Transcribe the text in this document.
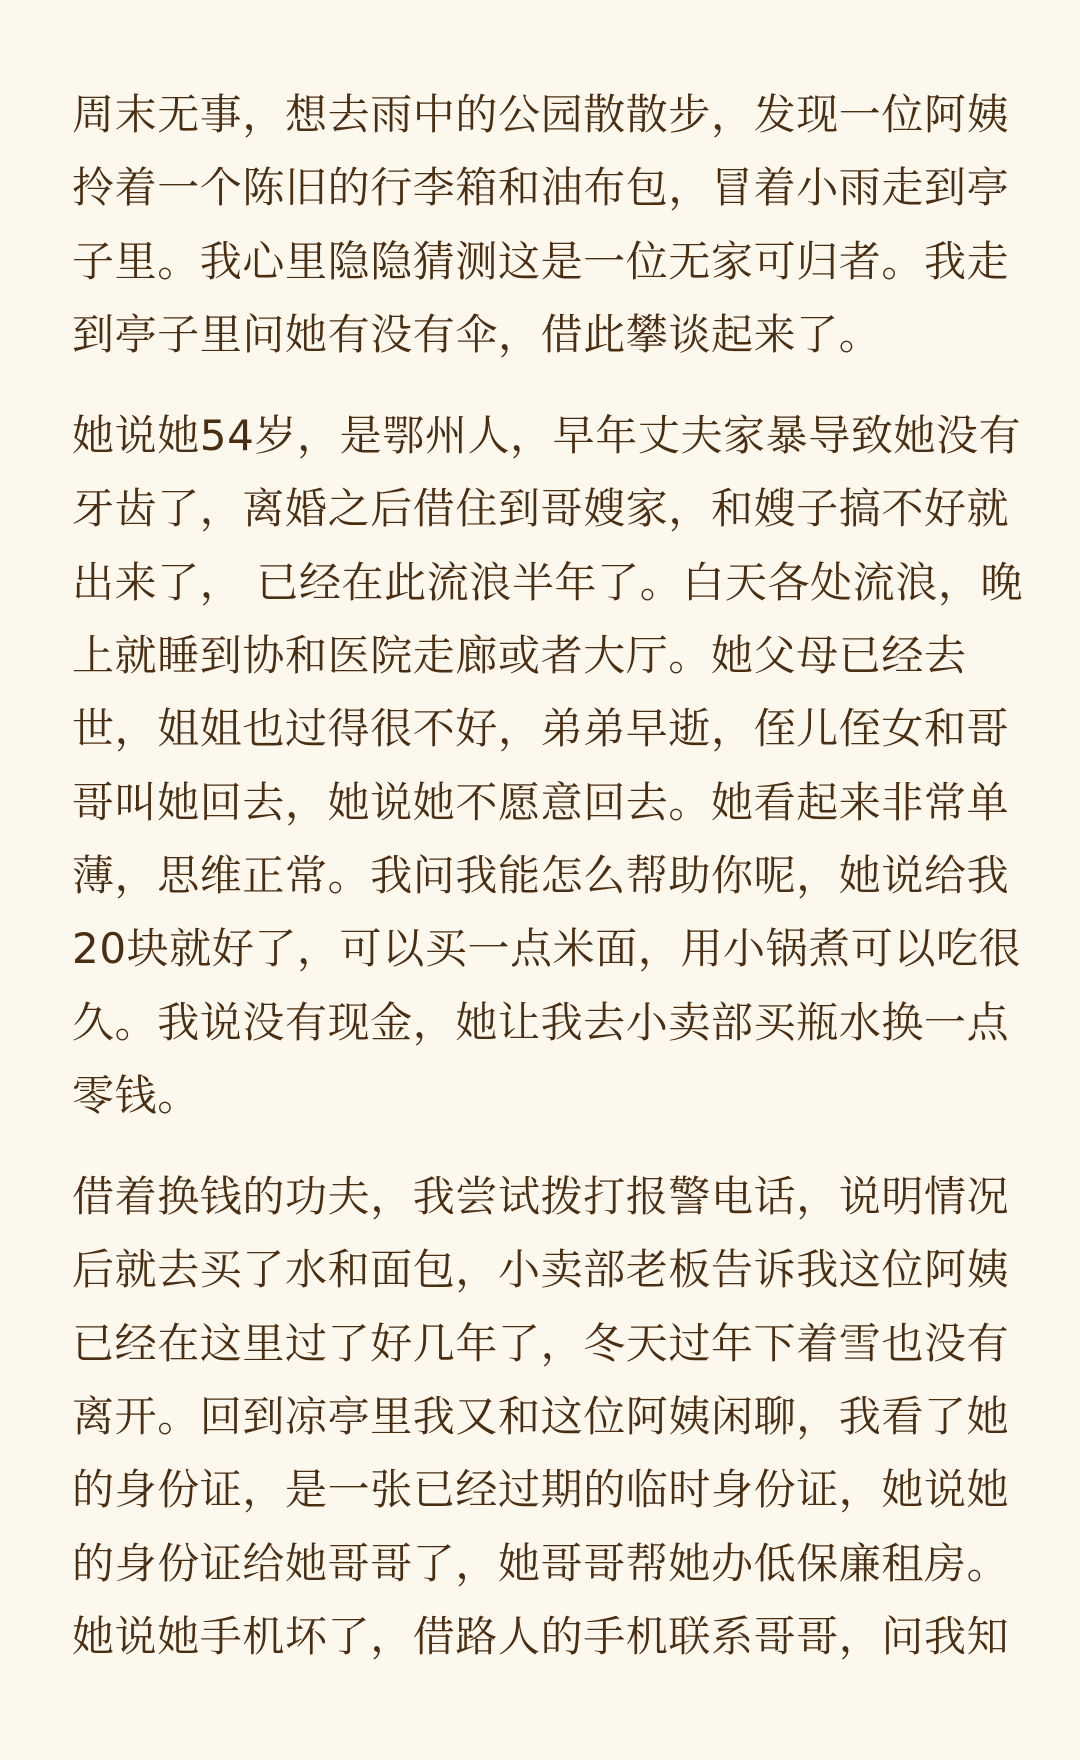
周末无事，想去雨中的公园散散步，发现一位阿姨
拎着一个陈旧的行李箱和油布包，冒着小雨走到亭
子里。我心里隐隐猜测这是一位无家可归者。我走
到亭子里问她有没有伞，借此攀谈起来了。

她说她54岁，是鄂州人，早年丈夫家暴导致她没有
牙齿了，离婚之后借住到哥嫂家，和嫂子搞不好就
出来了， 已经在此流浪半年了。白天各处流浪，晚
上就睡到协和医院走廊或者大厅。她父母已经去
世，姐姐也过得很不好，弟弟早逝，侄儿侄女和哥
哥叫她回去，她说她不愿意回去。她看起来非常单
薄，思维正常。我问我能怎么帮助你呢，她说给我
20块就好了，可以买一点米面，用小锅煮可以吃很
久。我说没有现金，她让我去小卖部买瓶水换一点
零钱。

借着换钱的功夫，我尝试拨打报警电话，说明情况
后就去买了水和面包，小卖部老板告诉我这位阿姨
已经在这里过了好几年了，冬天过年下着雪也没有
离开。回到凉亭里我又和这位阿姨闲聊，我看了她
的身份证，是一张已经过期的临时身份证，她说她
的身份证给她哥哥了，她哥哥帮她办低保廉租房。
她说她手机坏了，借路人的手机联系哥哥，问我知
